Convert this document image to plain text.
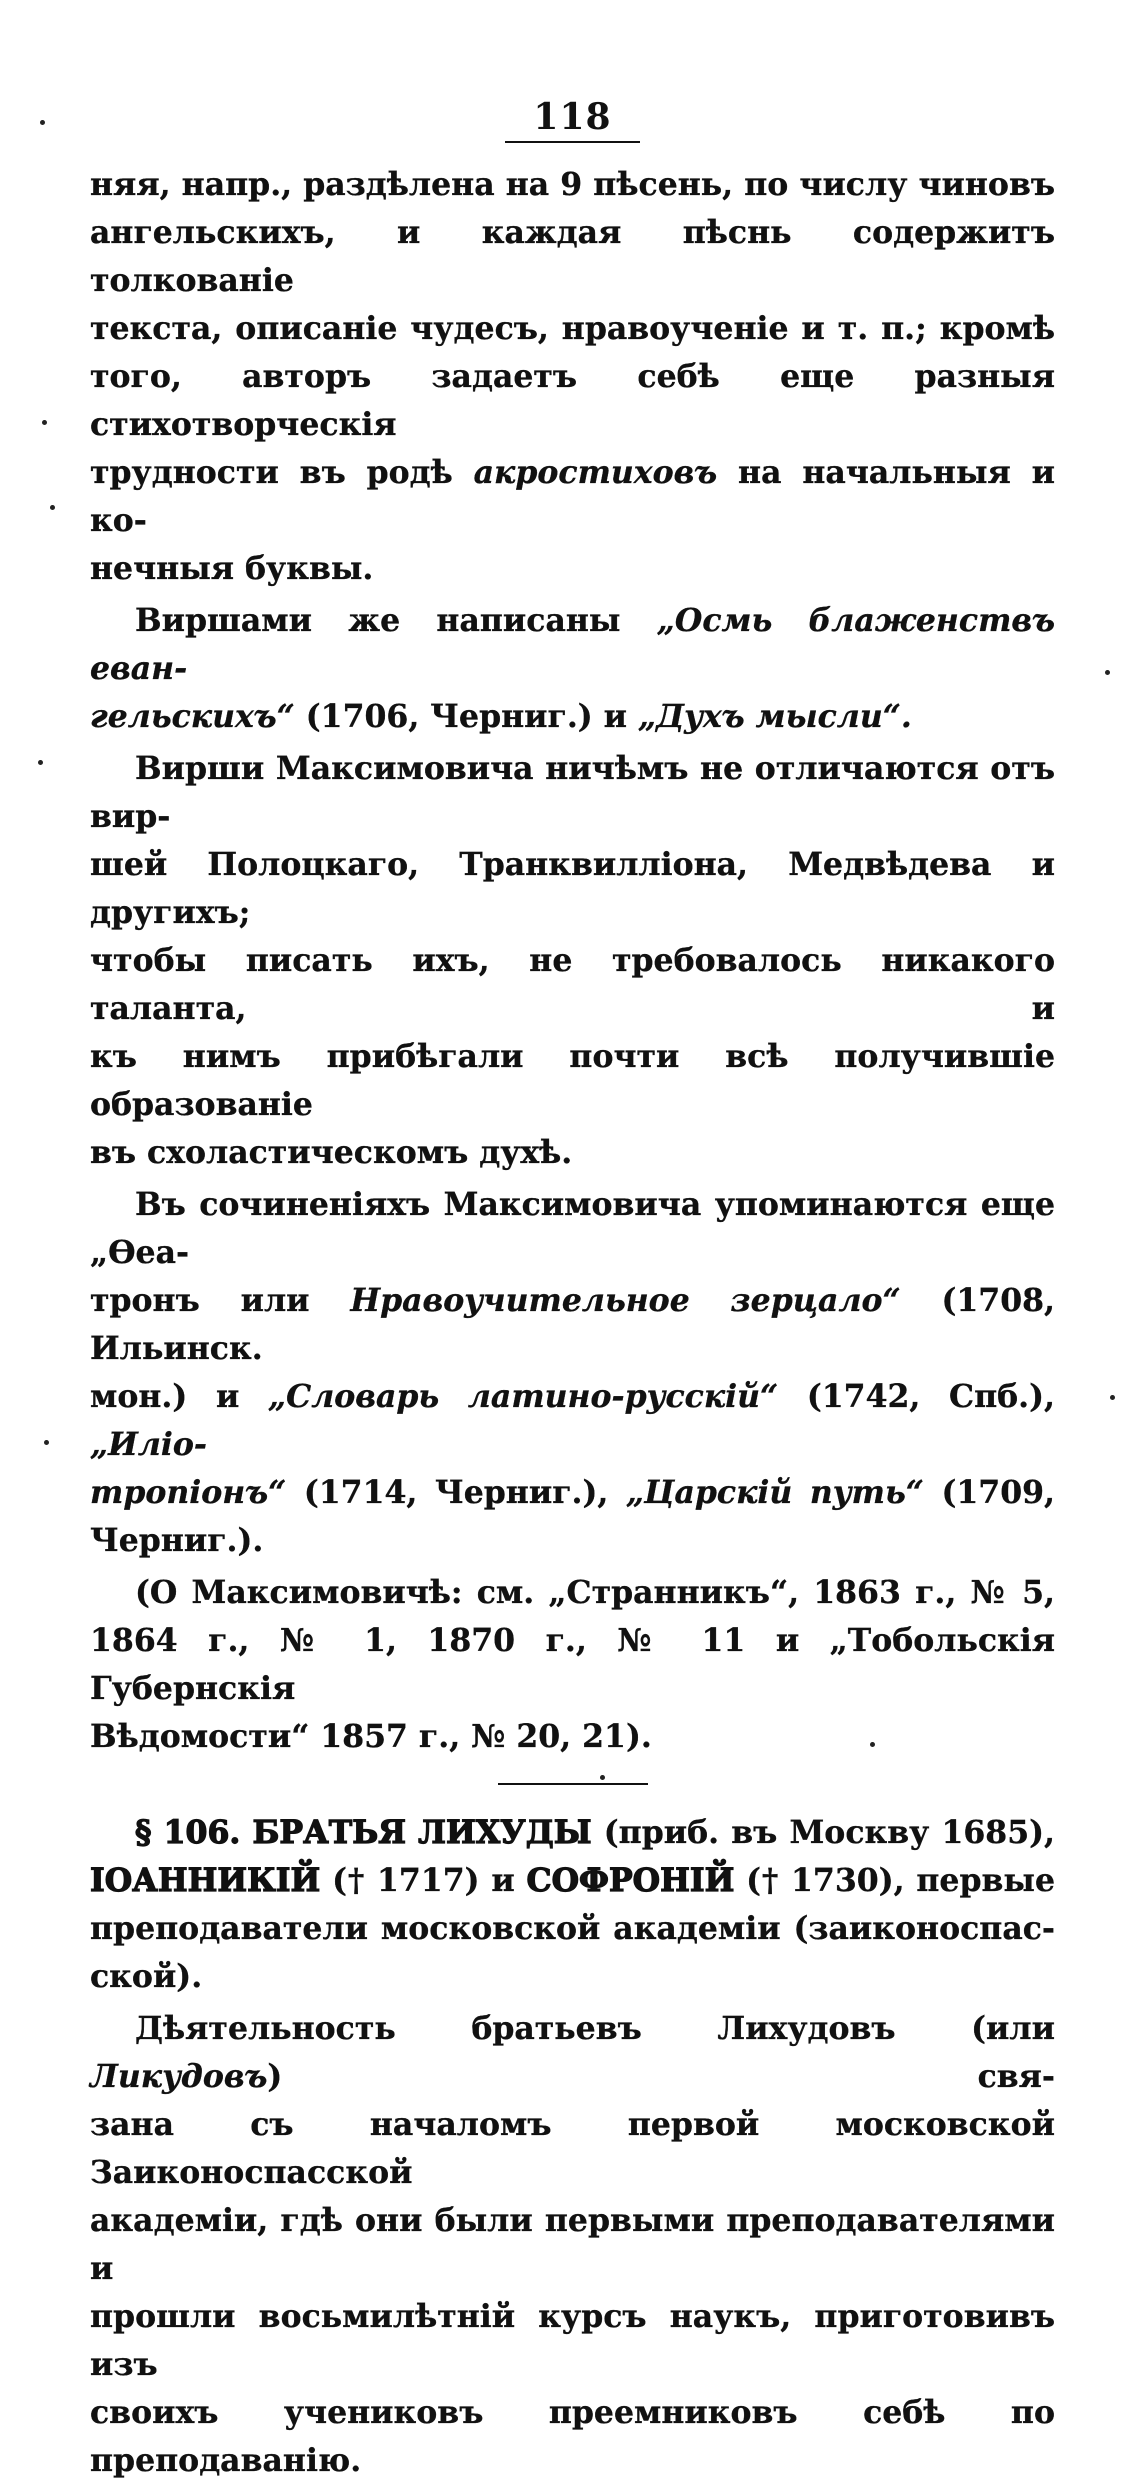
118
няя, напр., раздѣлена на 9 пѣсень, по числу чиновъ
ангельскихъ, и каждая пѣснь содержитъ толкованіе
текста, описаніе чудесъ, нравоученіе и т. п.; кромѣ
того, авторъ задаетъ себѣ еще разныя стихотворческія
трудности въ родѣ акростиховъ на начальныя и ко-
нечныя буквы.
Виршами же написаны „Осмь блаженствъ еван-
гельскихъ“ (1706, Черниг.) и „Духъ мысли“.
Вирши Максимовича ничѣмъ не отличаются отъ вир-
шей Полоцкаго, Транквилліона, Медвѣдева и другихъ;
чтобы писать ихъ, не требовалось никакого таланта, и
къ нимъ прибѣгали почти всѣ получившіе образованіе
въ схоластическомъ духѣ.
Въ сочиненіяхъ Максимовича упоминаются еще „Ѳеа-
тронъ или Нравоучительное зерцало“ (1708, Ильинск.
мон.) и „Словарь латино-русскій“ (1742, Спб.), „Иліо-
тропіонъ“ (1714, Черниг.), „Царскій путь“ (1709,
Черниг.).
(О Максимовичѣ: см. „Странникъ“, 1863 г., № 5,
1864 г., № 1, 1870 г., № 11 и „Тобольскія Губернскія
Вѣдомости“ 1857 г., № 20, 21).
§ 106. БРАТЬЯ ЛИХУДЫ (приб. въ Москву 1685),
ІОАННИКІЙ († 1717) и СОФРОНІЙ († 1730), первые
преподаватели московской академіи (заиконоспас-
ской).
Дѣятельность братьевъ Лихудовъ (или Ликудовъ) свя-
зана съ началомъ первой московской Заиконоспасской
академіи, гдѣ они были первыми преподавателями и
прошли восьмилѣтній курсъ наукъ, приготовивъ изъ
своихъ учениковъ преемниковъ себѣ по преподаванію.
